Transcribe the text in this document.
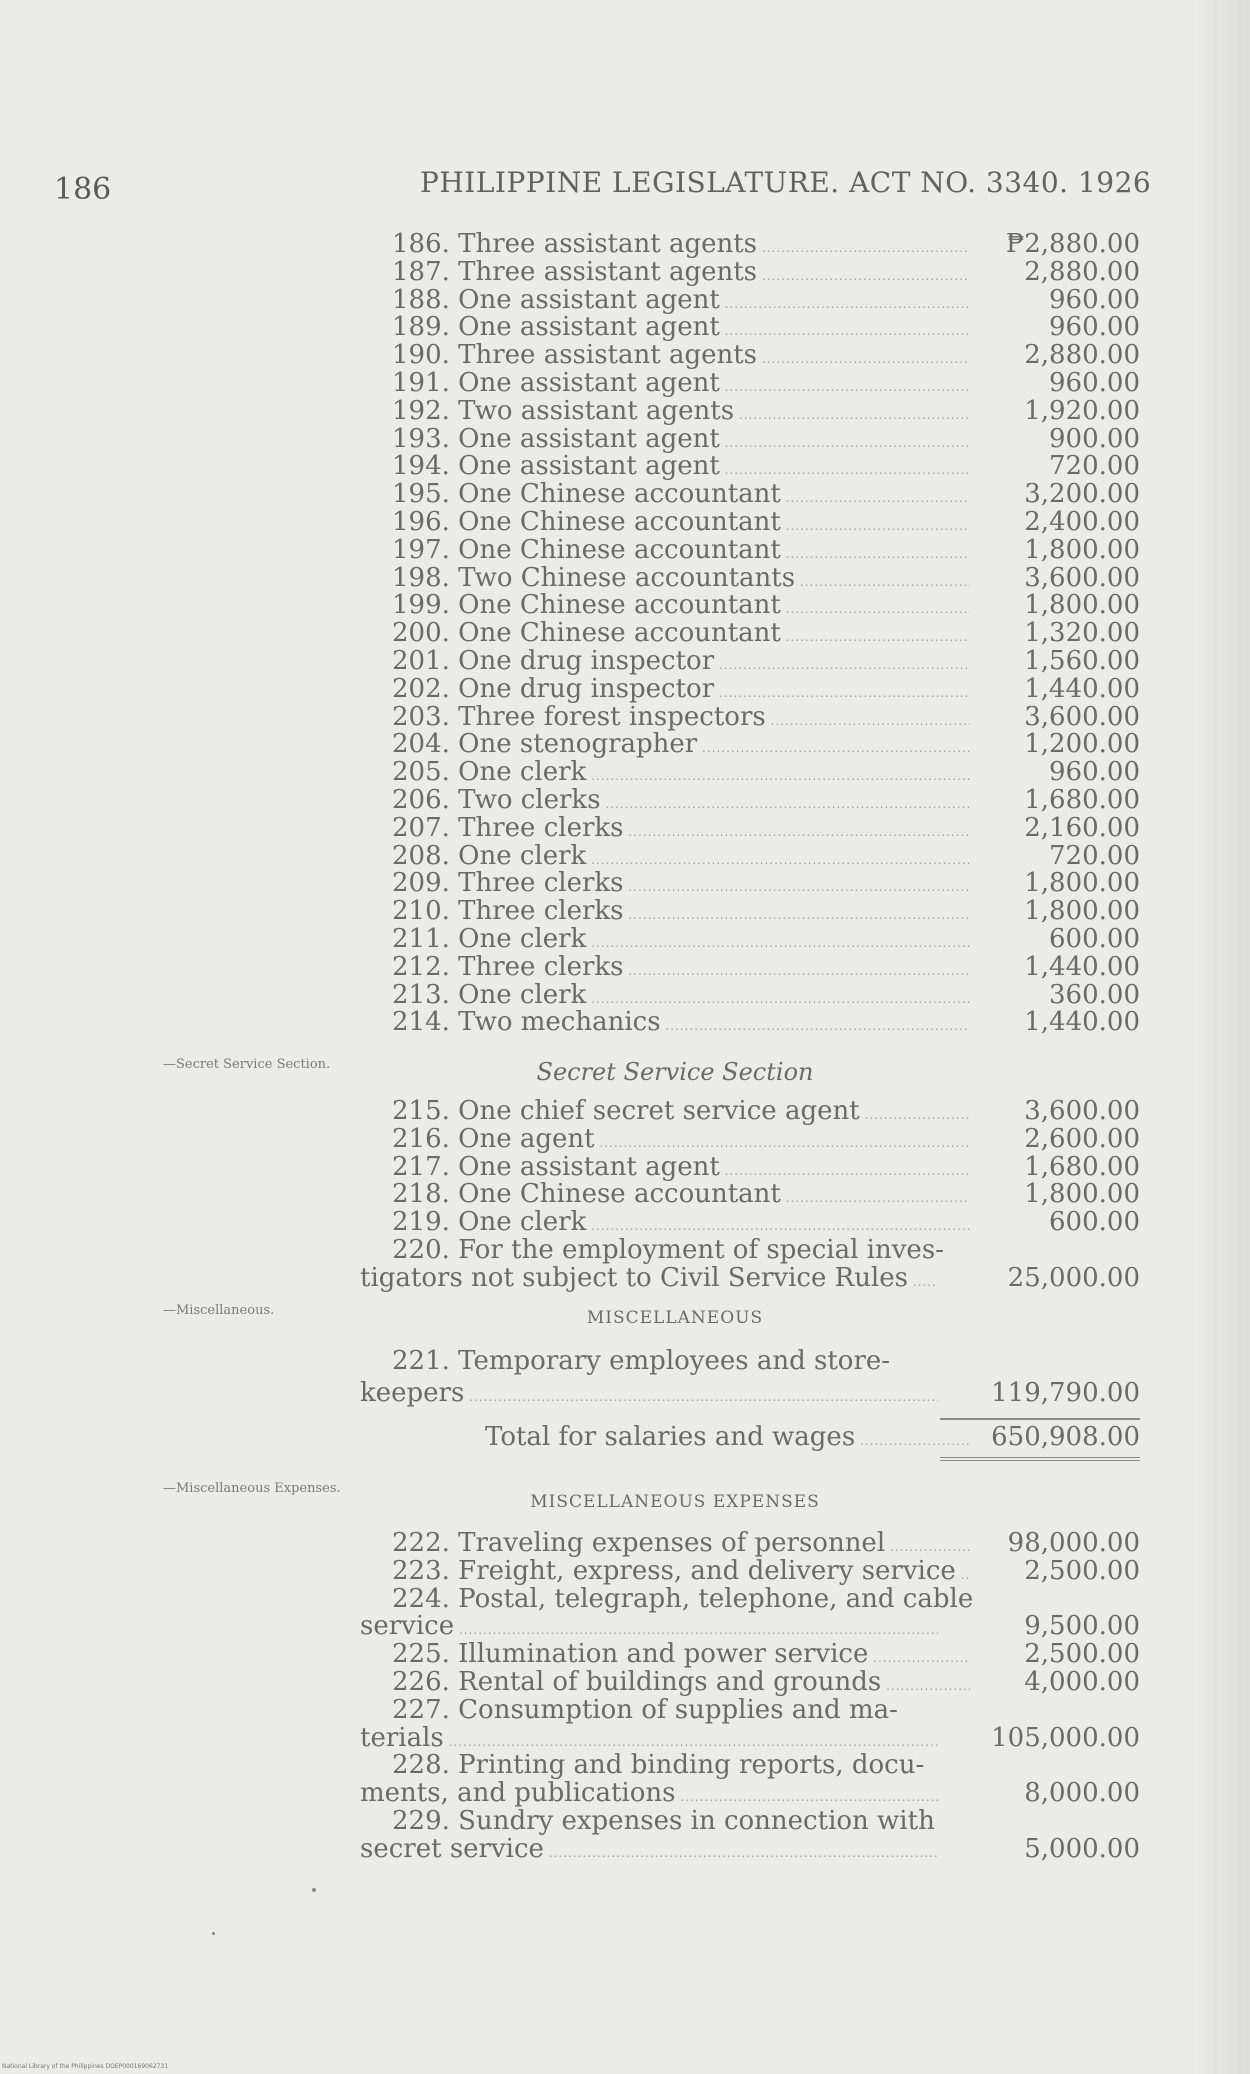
186	PHILIPPINE LEGISLATURE. ACT NO. 3340. 1926
186. Three assistant agents .....	₱2,880.00
187. Three assistant agents .....	2,880.00
188. One assistant agent .....	960.00
189. One assistant agent .....	960.00
190. Three assistant agents .....	2,880.00
191. One assistant agent .....	960.00
192. Two assistant agents .....	1,920.00
193. One assistant agent .....	900.00
194. One assistant agent .....	720.00
195. One Chinese accountant .....	3,200.00
196. One Chinese accountant .....	2,400.00
197. One Chinese accountant .....	1,800.00
198. Two Chinese accountants .....	3,600.00
199. One Chinese accountant .....	1,800.00
200. One Chinese accountant .....	1,320.00
201. One drug inspector .....	1,560.00
202. One drug inspector .....	1,440.00
203. Three forest inspectors .....	3,600.00
204. One stenographer .....	1,200.00
205. One clerk .....	960.00
206. Two clerks .....	1,680.00
207. Three clerks .....	2,160.00
208. One clerk .....	720.00
209. Three clerks .....	1,800.00
210. Three clerks .....	1,800.00
211. One clerk .....	600.00
212. Three clerks .....	1,440.00
213. One clerk .....	360.00
214. Two mechanics .....	1,440.00
—Secret Service Section.	Secret Service Section
215. One chief secret service agent .....	3,600.00
216. One agent .....	2,600.00
217. One assistant agent .....	1,680.00
218. One Chinese accountant .....	1,800.00
219. One clerk .....	600.00
220. For the employment of special inves-
tigators not subject to Civil Service Rules .....	25,000.00
—Miscellaneous.	MISCELLANEOUS
221. Temporary employees and store-
keepers .....	119,790.00
Total for salaries and wages .....	650,908.00
—Miscellaneous Expenses.
MISCELLANEOUS EXPENSES
222. Traveling expenses of personnel .....	98,000.00
223. Freight, express, and delivery service .....	2,500.00
224. Postal, telegraph, telephone, and cable
service .....	9,500.00
225. Illumination and power service .....	2,500.00
226. Rental of buildings and grounds .....	4,000.00
227. Consumption of supplies and ma-
terials .....	105,000.00
228. Printing and binding reports, docu-
ments, and publications .....	8,000.00
229. Sundry expenses in connection with
secret service .....	5,000.00
National Library of the Philippines DOEP000169062731
